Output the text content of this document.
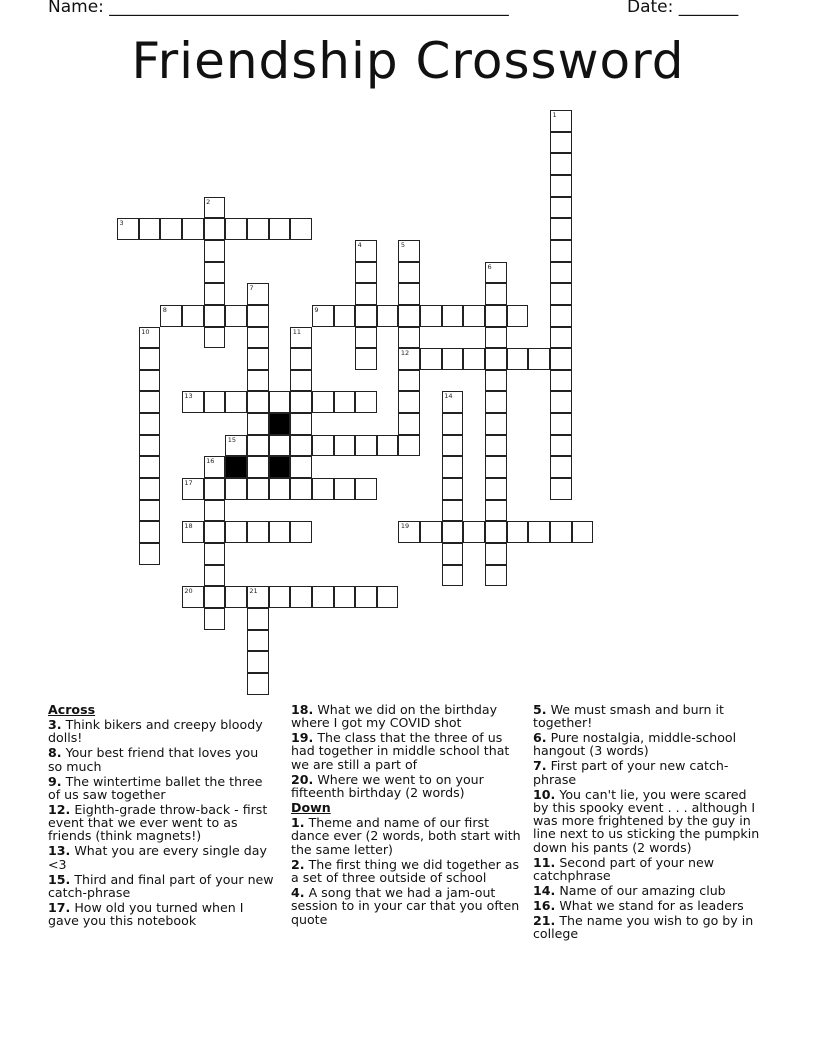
Name: _______________________________________________	Date: _______
Friendship Crossword
1
2
3
4	5
12
6
7
8	9
10	11
13	14
15
16
17
18	19
20	21
Across
3. Think bikers and creepy bloody dolls!
8. Your best friend that loves you so much
9. The wintertime ballet the three of us saw together
12. Eighth-grade throw-back - first event that we ever went to as friends (think magnets!)
13. What you are every single day <3
15. Third and final part of your new catch-phrase
17. How old you turned when I gave you this notebook
18. What we did on the birthday where I got my COVID shot
19. The class that the three of us had together in middle school that we are still a part of
20. Where we went to on your fifteenth birthday (2 words)
Down
1. Theme and name of our first dance ever (2 words, both start with the same letter)
2. The first thing we did together as a set of three outside of school
4. A song that we had a jam-out session to in your car that you often quote
5. We must smash and burn it together!
6. Pure nostalgia, middle-school hangout (3 words)
7. First part of your new catch-phrase
10. You can't lie, you were scared by this spooky event . . . although I was more frightened by the guy in line next to us sticking the pumpkin down his pants (2 words)
11. Second part of your new catchphrase
14. Name of our amazing club
16. What we stand for as leaders
21. The name you wish to go by in college
